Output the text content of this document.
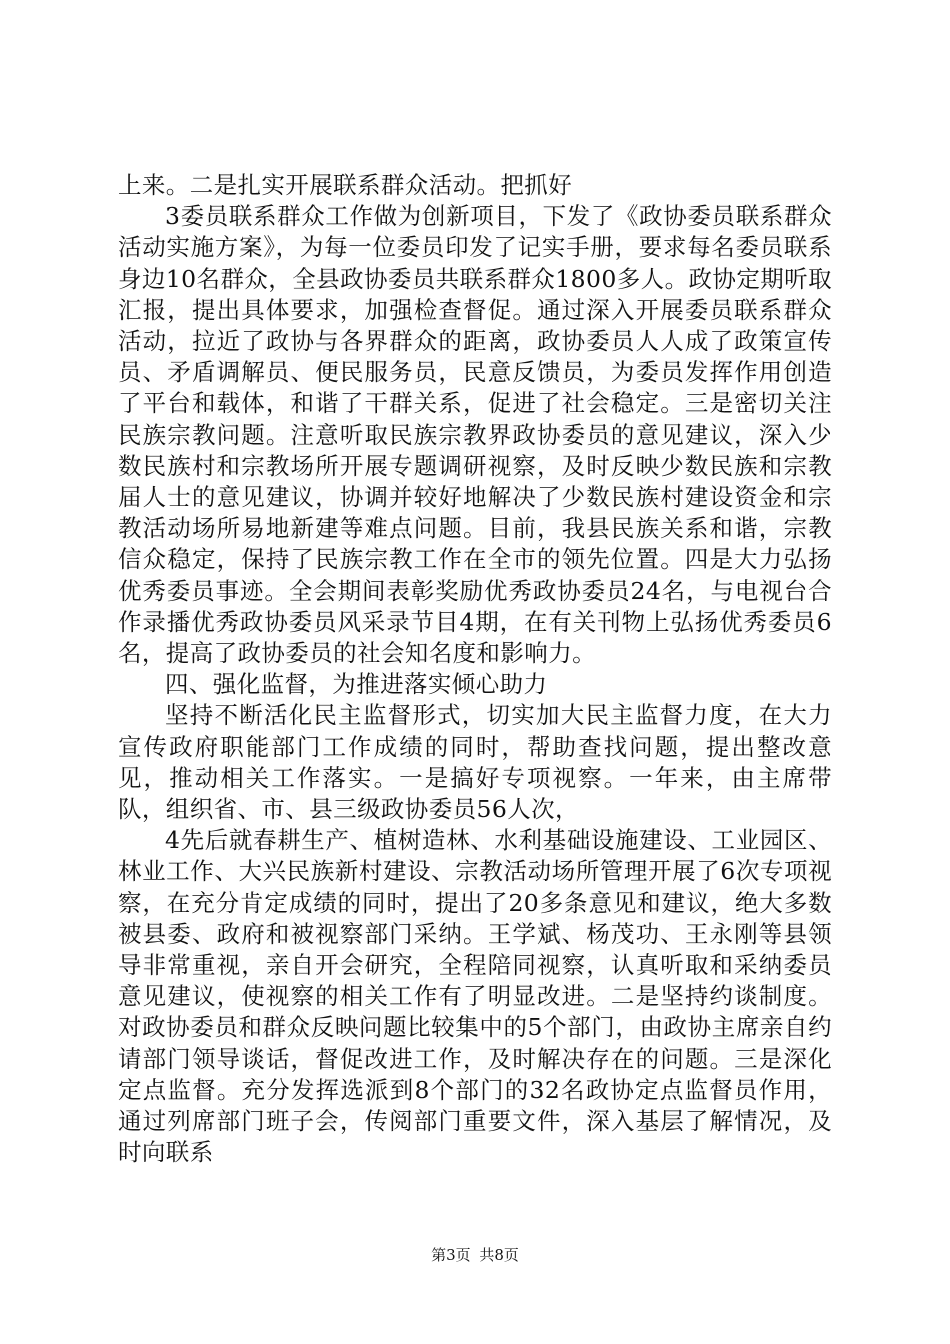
上来。二是扎实开展联系群众活动。把抓好

3委员联系群众工作做为创新项目，下发了《政协委员联系群众活动实施方案》，为每一位委员印发了记实手册，要求每名委员联系身边10名群众，全县政协委员共联系群众1800多人。政协定期听取汇报，提出具体要求，加强检查督促。通过深入开展委员联系群众活动，拉近了政协与各界群众的距离，政协委员人人成了政策宣传员、矛盾调解员、便民服务员，民意反馈员，为委员发挥作用创造了平台和载体，和谐了干群关系，促进了社会稳定。三是密切关注民族宗教问题。注意听取民族宗教界政协委员的意见建议，深入少数民族村和宗教场所开展专题调研视察，及时反映少数民族和宗教届人士的意见建议，协调并较好地解决了少数民族村建设资金和宗教活动场所易地新建等难点问题。目前，我县民族关系和谐，宗教信众稳定，保持了民族宗教工作在全市的领先位置。四是大力弘扬优秀委员事迹。全会期间表彰奖励优秀政协委员24名，与电视台合作录播优秀政协委员风采录节目4期，在有关刊物上弘扬优秀委员6名，提高了政协委员的社会知名度和影响力。

四、强化监督，为推进落实倾心助力

坚持不断活化民主监督形式，切实加大民主监督力度，在大力宣传政府职能部门工作成绩的同时，帮助查找问题，提出整改意见，推动相关工作落实。一是搞好专项视察。一年来，由主席带队，组织省、市、县三级政协委员56人次，

4先后就春耕生产、植树造林、水利基础设施建设、工业园区、林业工作、大兴民族新村建设、宗教活动场所管理开展了6次专项视察，在充分肯定成绩的同时，提出了20多条意见和建议，绝大多数被县委、政府和被视察部门采纳。王学斌、杨茂功、王永刚等县领导非常重视，亲自开会研究，全程陪同视察，认真听取和采纳委员意见建议，使视察的相关工作有了明显改进。二是坚持约谈制度。对政协委员和群众反映问题比较集中的5个部门，由政协主席亲自约请部门领导谈话，督促改进工作，及时解决存在的问题。三是深化定点监督。充分发挥选派到8个部门的32名政协定点监督员作用，通过列席部门班子会，传阅部门重要文件，深入基层了解情况，及时向联系

第3页 共8页
